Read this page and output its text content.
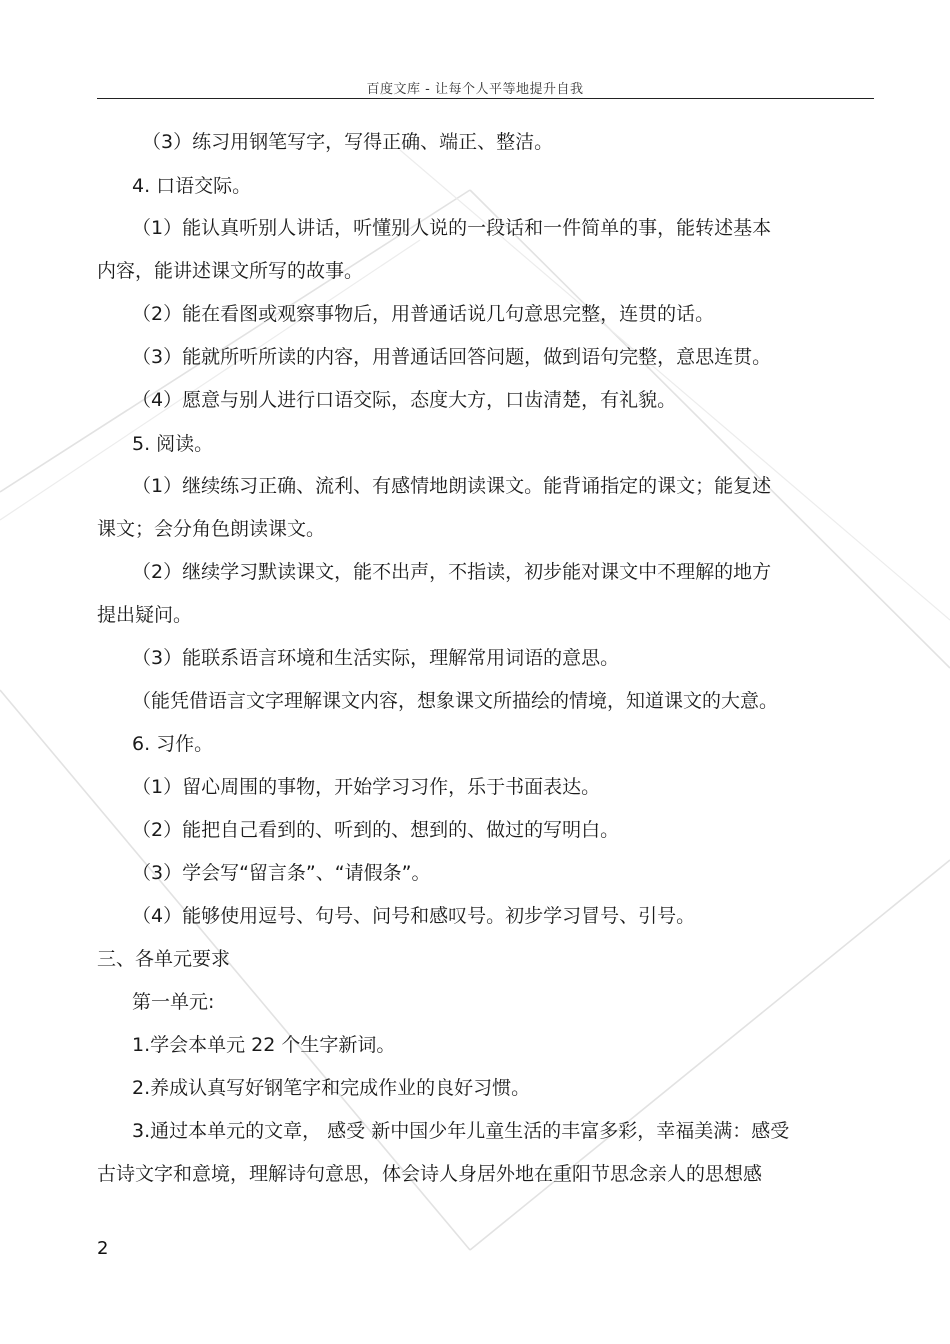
百度文库 - 让每个人平等地提升自我
（3）练习用钢笔写字，写得正确、端正、整洁。
4. 口语交际。
（1）能认真听别人讲话，听懂别人说的一段话和一件简单的事，能转述基本
内容，能讲述课文所写的故事。
（2）能在看图或观察事物后，用普通话说几句意思完整，连贯的话。
（3）能就所听所读的内容，用普通话回答问题，做到语句完整，意思连贯。
（4）愿意与别人进行口语交际，态度大方，口齿清楚，有礼貌。
5. 阅读。
（1）继续练习正确、流利、有感情地朗读课文。能背诵指定的课文；能复述
课文；会分角色朗读课文。
（2）继续学习默读课文，能不出声，不指读，初步能对课文中不理解的地方
提出疑问。
（3）能联系语言环境和生活实际，理解常用词语的意思。
（能凭借语言文字理解课文内容，想象课文所描绘的情境，知道课文的大意。
6. 习作。
（1）留心周围的事物，开始学习习作，乐于书面表达。
（2）能把自己看到的、听到的、想到的、做过的写明白。
（3）学会写“留言条”、“请假条”。
（4）能够使用逗号、句号、问号和感叹号。初步学习冒号、引号。
三、各单元要求
第一单元:
1.学会本单元 22 个生字新词。
2.养成认真写好钢笔字和完成作业的良好习惯。
3.通过本单元的文章， 感受 新中国少年儿童生活的丰富多彩，幸福美满：感受
古诗文字和意境，理解诗句意思，体会诗人身居外地在重阳节思念亲人的思想感
2
